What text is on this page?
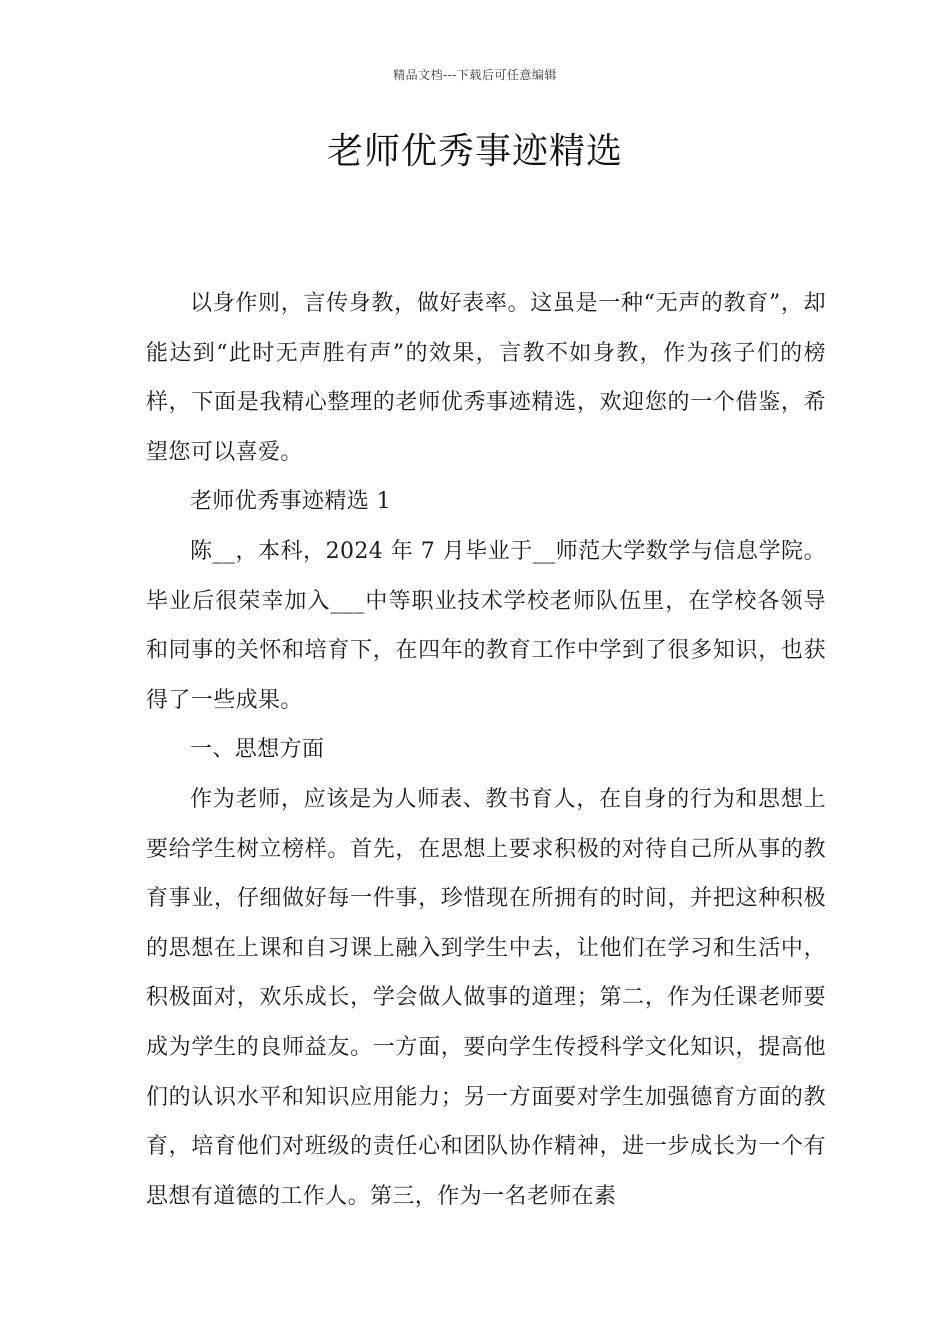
精品文档---下载后可任意编辑
老师优秀事迹精选

以身作则，言传身教，做好表率。这虽是一种“无声的教育”，却能达到“此时无声胜有声”的效果，言教不如身教，作为孩子们的榜样，下面是我精心整理的老师优秀事迹精选，欢迎您的一个借鉴，希望您可以喜爱。

老师优秀事迹精选 1

陈__，本科，2024 年 7 月毕业于__师范大学数学与信息学院。毕业后很荣幸加入___中等职业技术学校老师队伍里，在学校各领导和同事的关怀和培育下，在四年的教育工作中学到了很多知识，也获得了一些成果。

一、思想方面

作为老师，应该是为人师表、教书育人，在自身的行为和思想上要给学生树立榜样。首先，在思想上要求积极的对待自己所从事的教育事业，仔细做好每一件事，珍惜现在所拥有的时间，并把这种积极的思想在上课和自习课上融入到学生中去，让他们在学习和生活中，积极面对，欢乐成长，学会做人做事的道理；第二，作为任课老师要成为学生的良师益友。一方面，要向学生传授科学文化知识，提高他们的认识水平和知识应用能力；另一方面要对学生加强德育方面的教育，培育他们对班级的责任心和团队协作精神，进一步成长为一个有思想有道德的工作人。第三，作为一名老师在素
